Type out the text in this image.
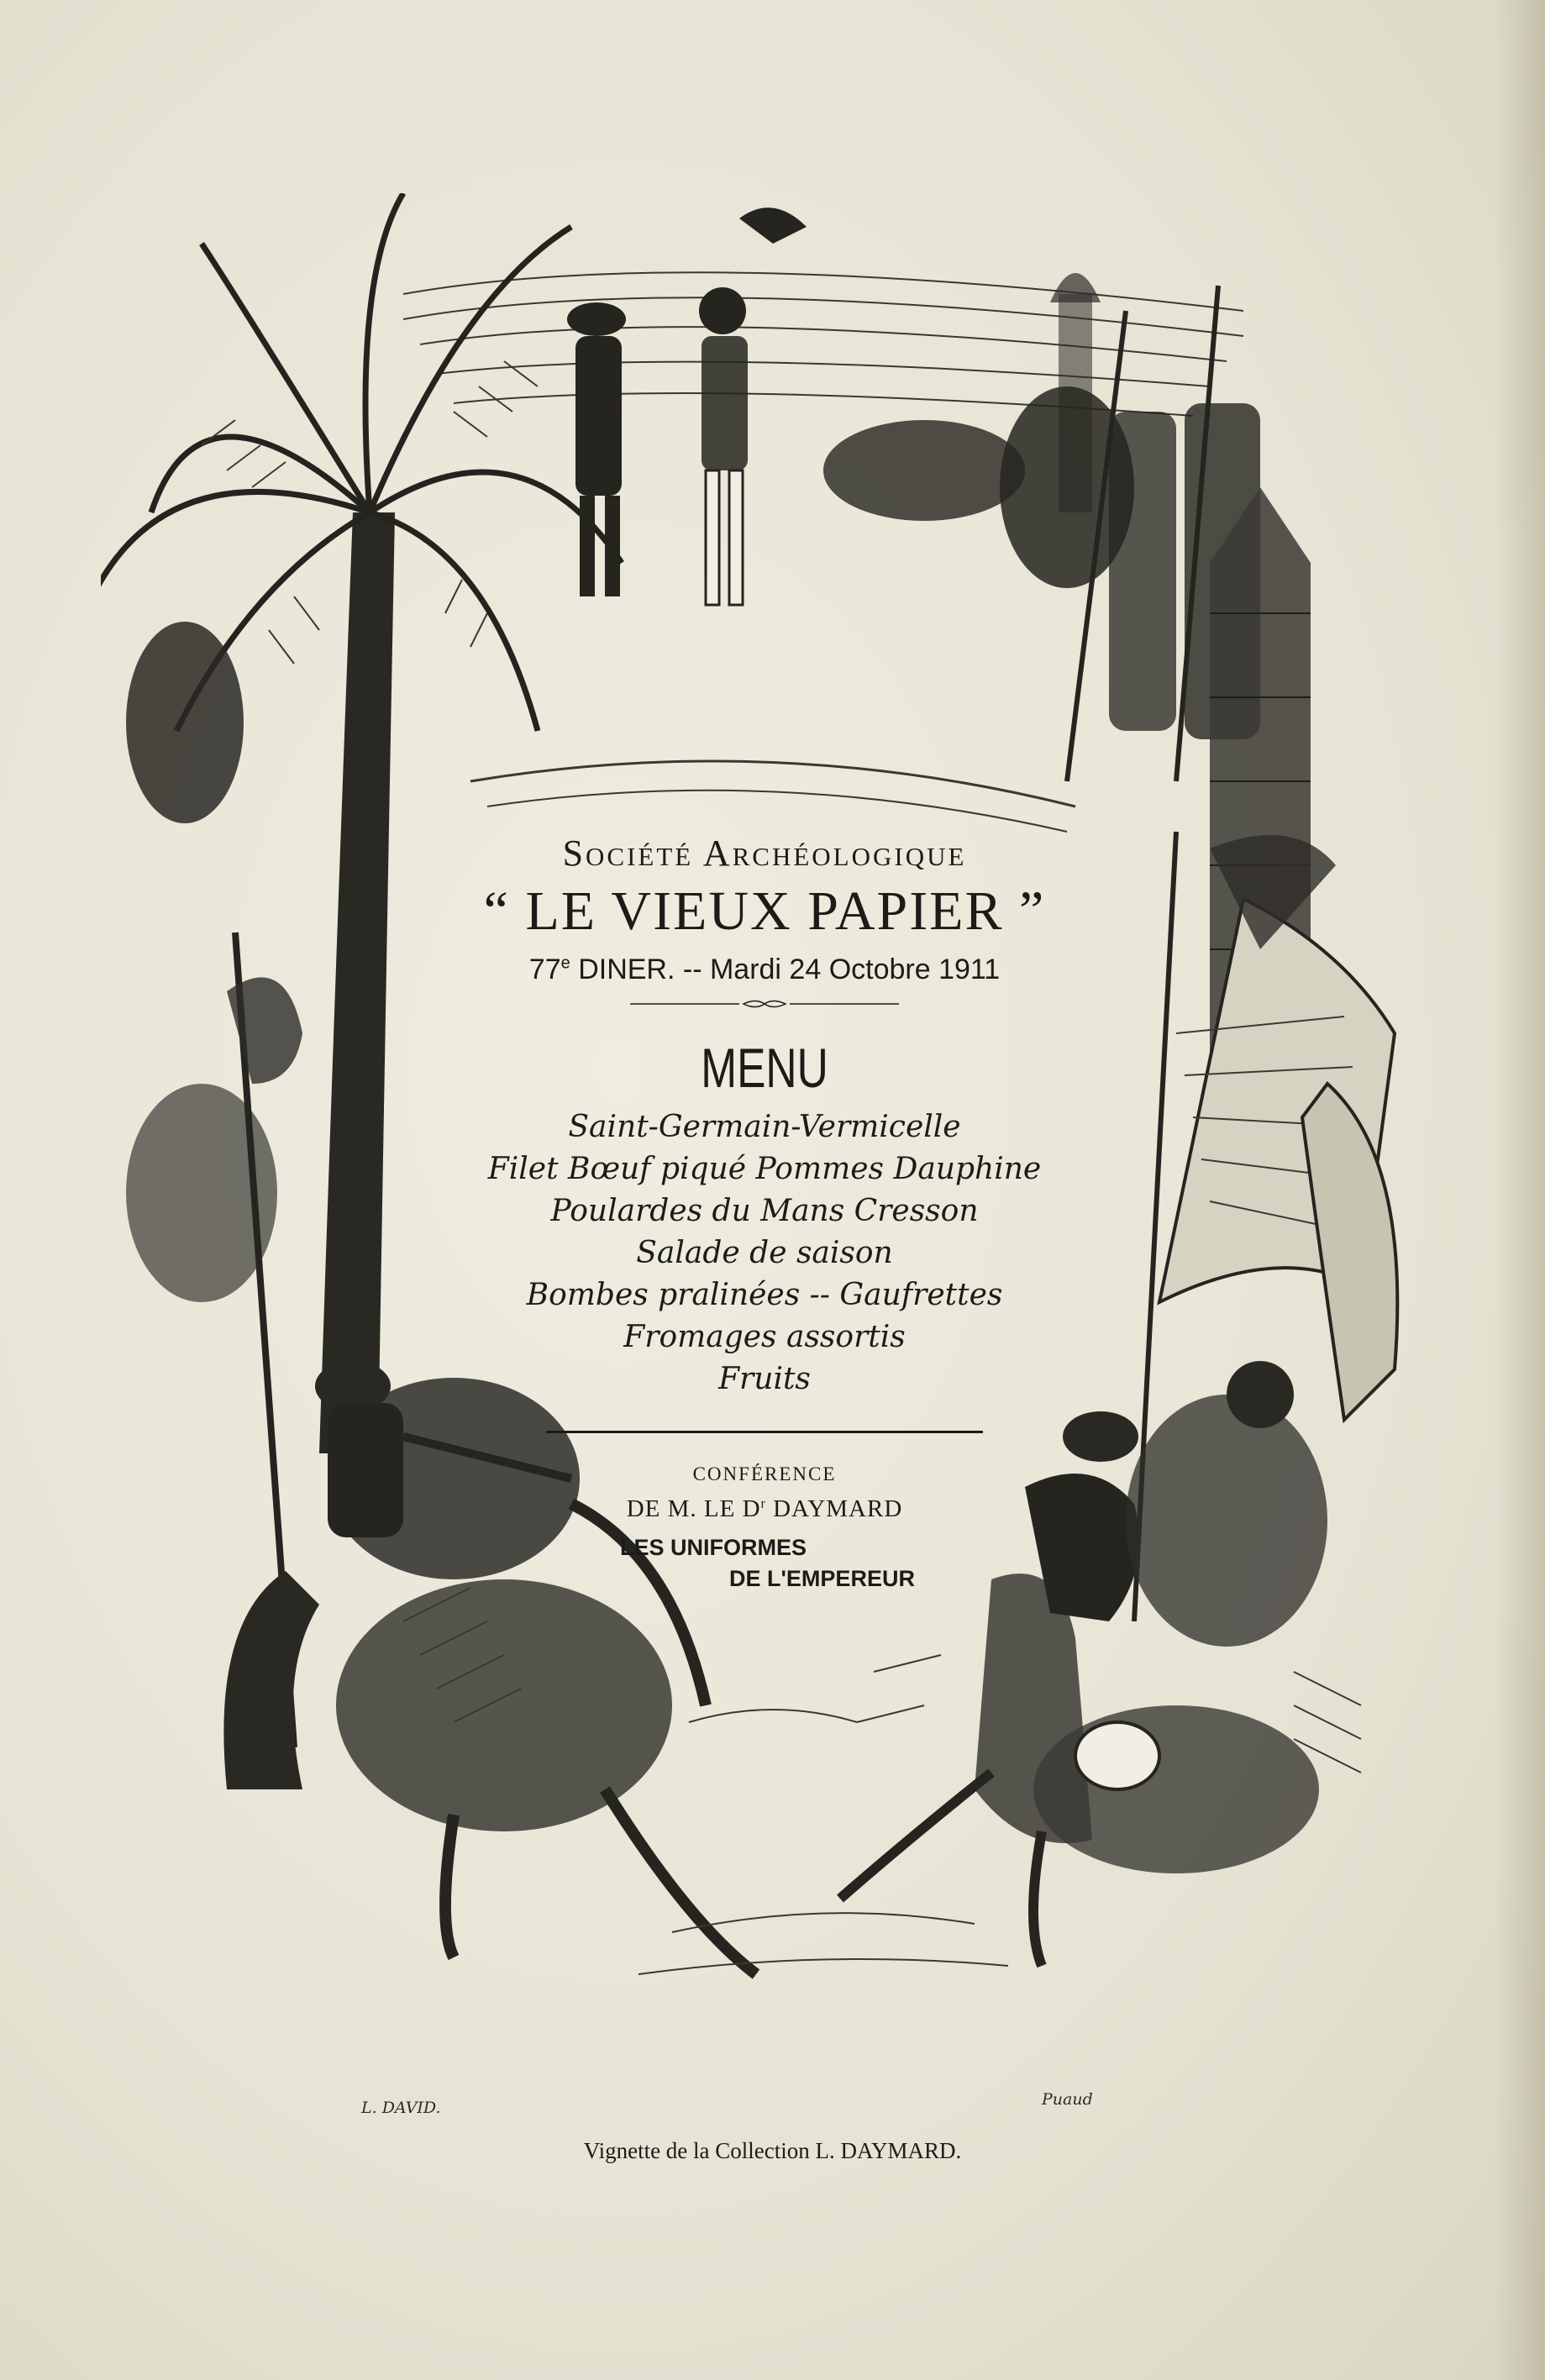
Société Archéologique

“ LE VIEUX PAPIER ”

77e DINER. -- Mardi 24 Octobre 1911

MENU

Saint-Germain-Vermicelle

Filet Bœuf piqué Pommes Dauphine

Poulardes du Mans Cresson

Salade de saison

Bombes pralinées -- Gaufrettes

Fromages assortis

Fruits

CONFÉRENCE

DE M. LE $D^r$ DAYMARD

LES UNIFORMES

DE L'EMPEREUR

L. DAVID.	Puaud
Vignette de la Collection L. DAYMARD.
